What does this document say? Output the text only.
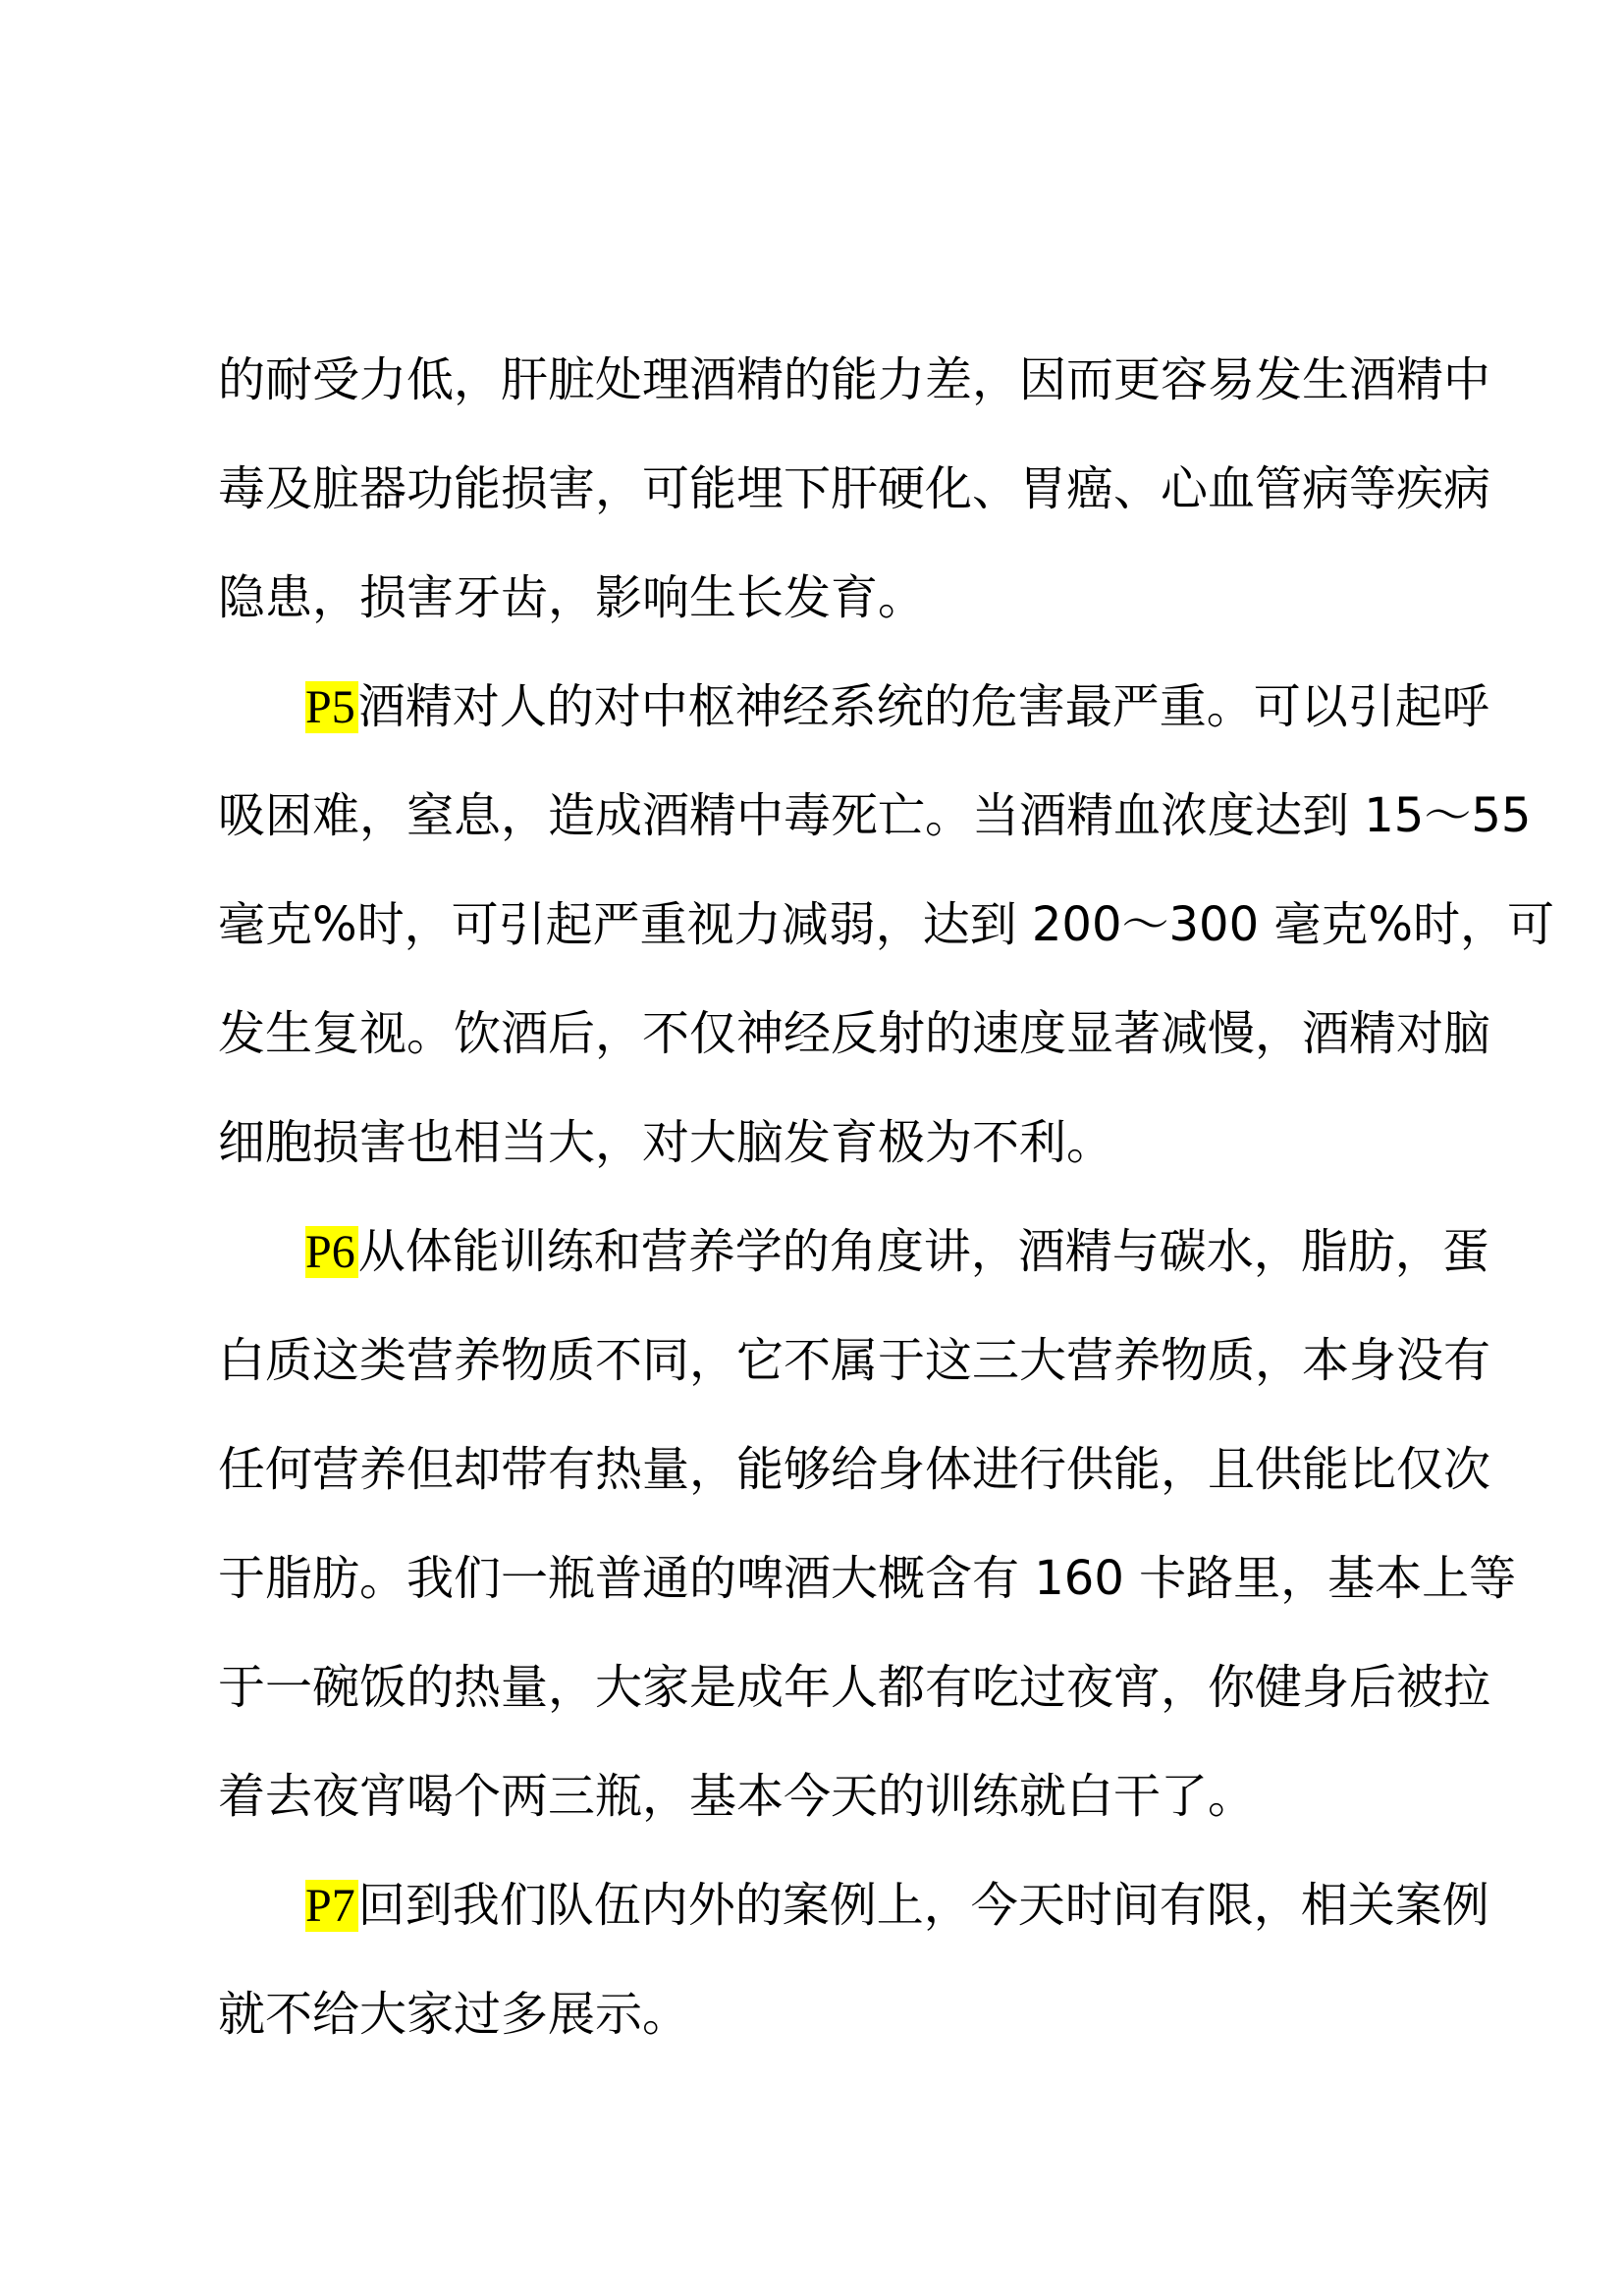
的耐受力低，肝脏处理酒精的能力差，因而更容易发生酒精中
毒及脏器功能损害，可能埋下肝硬化、胃癌、心血管病等疾病
隐患，损害牙齿，影响生长发育。
P5酒精对人的对中枢神经系统的危害最严重。可以引起呼
吸困难，窒息，造成酒精中毒死亡。当酒精血浓度达到 15～55
毫克%时，可引起严重视力减弱，达到 200～300 毫克%时，可
发生复视。饮酒后，不仅神经反射的速度显著减慢，酒精对脑
细胞损害也相当大，对大脑发育极为不利。
P6从体能训练和营养学的角度讲，酒精与碳水，脂肪，蛋
白质这类营养物质不同，它不属于这三大营养物质，本身没有
任何营养但却带有热量，能够给身体进行供能，且供能比仅次
于脂肪。我们一瓶普通的啤酒大概含有 160 卡路里，基本上等
于一碗饭的热量，大家是成年人都有吃过夜宵，你健身后被拉
着去夜宵喝个两三瓶，基本今天的训练就白干了。
P7回到我们队伍内外的案例上，今天时间有限，相关案例
就不给大家过多展示。
